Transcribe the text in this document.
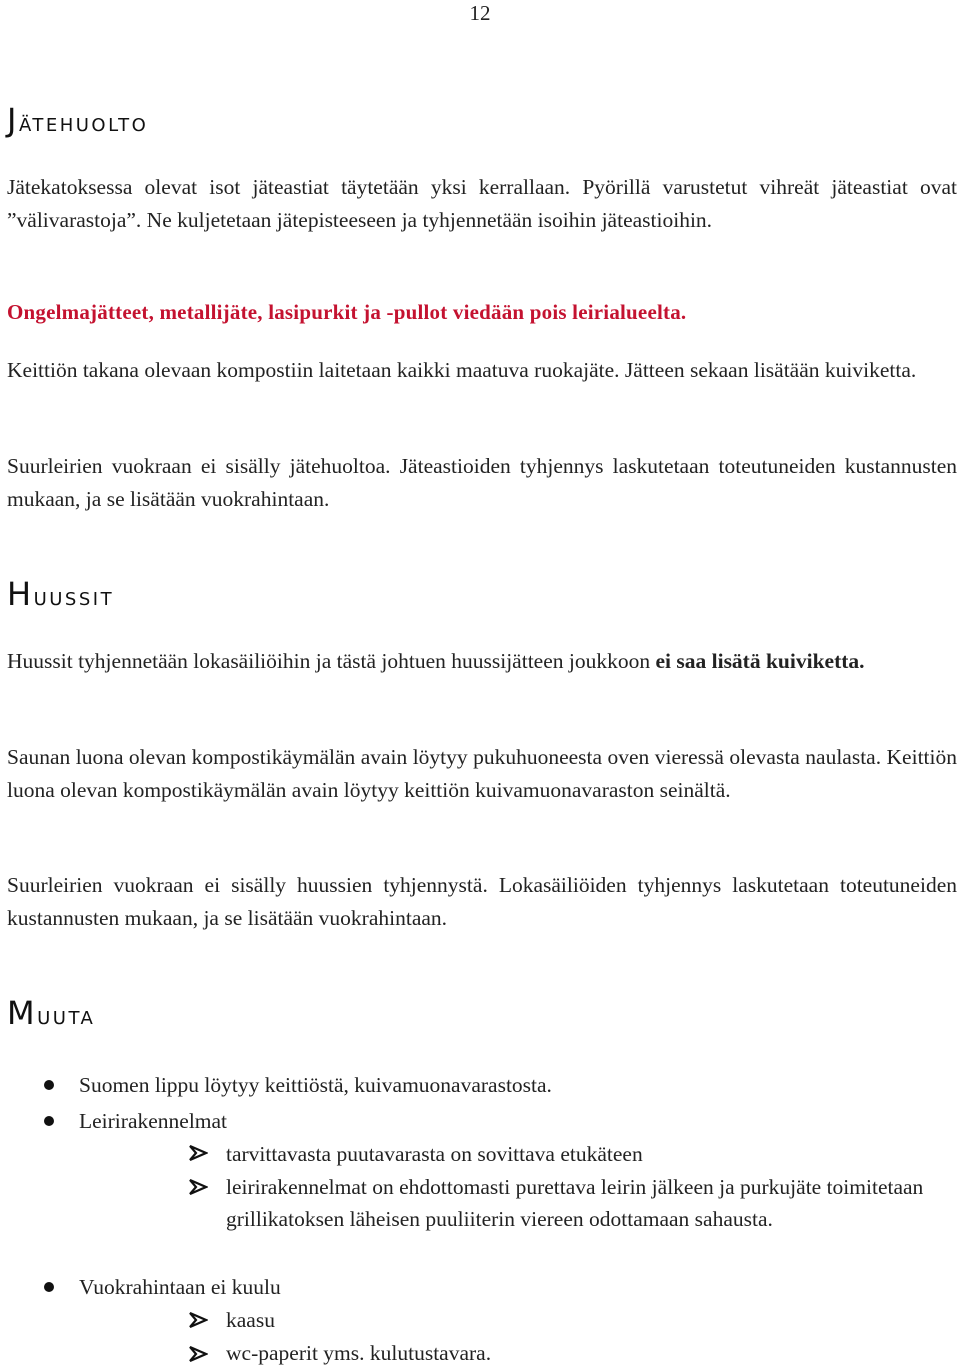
12
Jätehuolto

Jätekatoksessa olevat isot jäteastiat täytetään yksi kerrallaan. Pyörillä varustetut vihreät jäteastiat ovat ”välivarastoja”. Ne kuljetetaan jätepisteeseen ja tyhjennetään isoihin jäteastioihin.

Ongelmajätteet, metallijäte, lasipurkit ja -pullot viedään pois leirialueelta.

Keittiön takana olevaan kompostiin laitetaan kaikki maatuva ruokajäte. Jätteen sekaan lisätään kuiviketta.

Suurleirien vuokraan ei sisälly jätehuoltoa. Jäteastioiden tyhjennys laskutetaan toteutuneiden kustannusten mukaan, ja se lisätään vuokrahintaan.

Huussit

Huussit tyhjennetään lokasäiliöihin ja tästä johtuen huussijätteen joukkoon ei saa lisätä kuiviketta.

Saunan luona olevan kompostikäymälän avain löytyy pukuhuoneesta oven vieressä olevasta naulasta. Keittiön luona olevan kompostikäymälän avain löytyy keittiön kuivamuonavaraston seinältä.

Suurleirien vuokraan ei sisälly huussien tyhjennystä. Lokasäiliöiden tyhjennys laskutetaan toteutuneiden kustannusten mukaan, ja se lisätään vuokrahintaan.

Muuta
Suomen lippu löytyy keittiöstä, kuivamuonavarastosta.
Leirirakennelmat
tarvittavasta puutavarasta on sovittava etukäteen
leirirakennelmat on ehdottomasti purettava leirin jälkeen ja purkujäte toimitetaan grillikatoksen läheisen puuliiterin viereen odottamaan sahausta.
Vuokrahintaan ei kuulu
kaasu
wc-paperit yms. kulutustavara.
